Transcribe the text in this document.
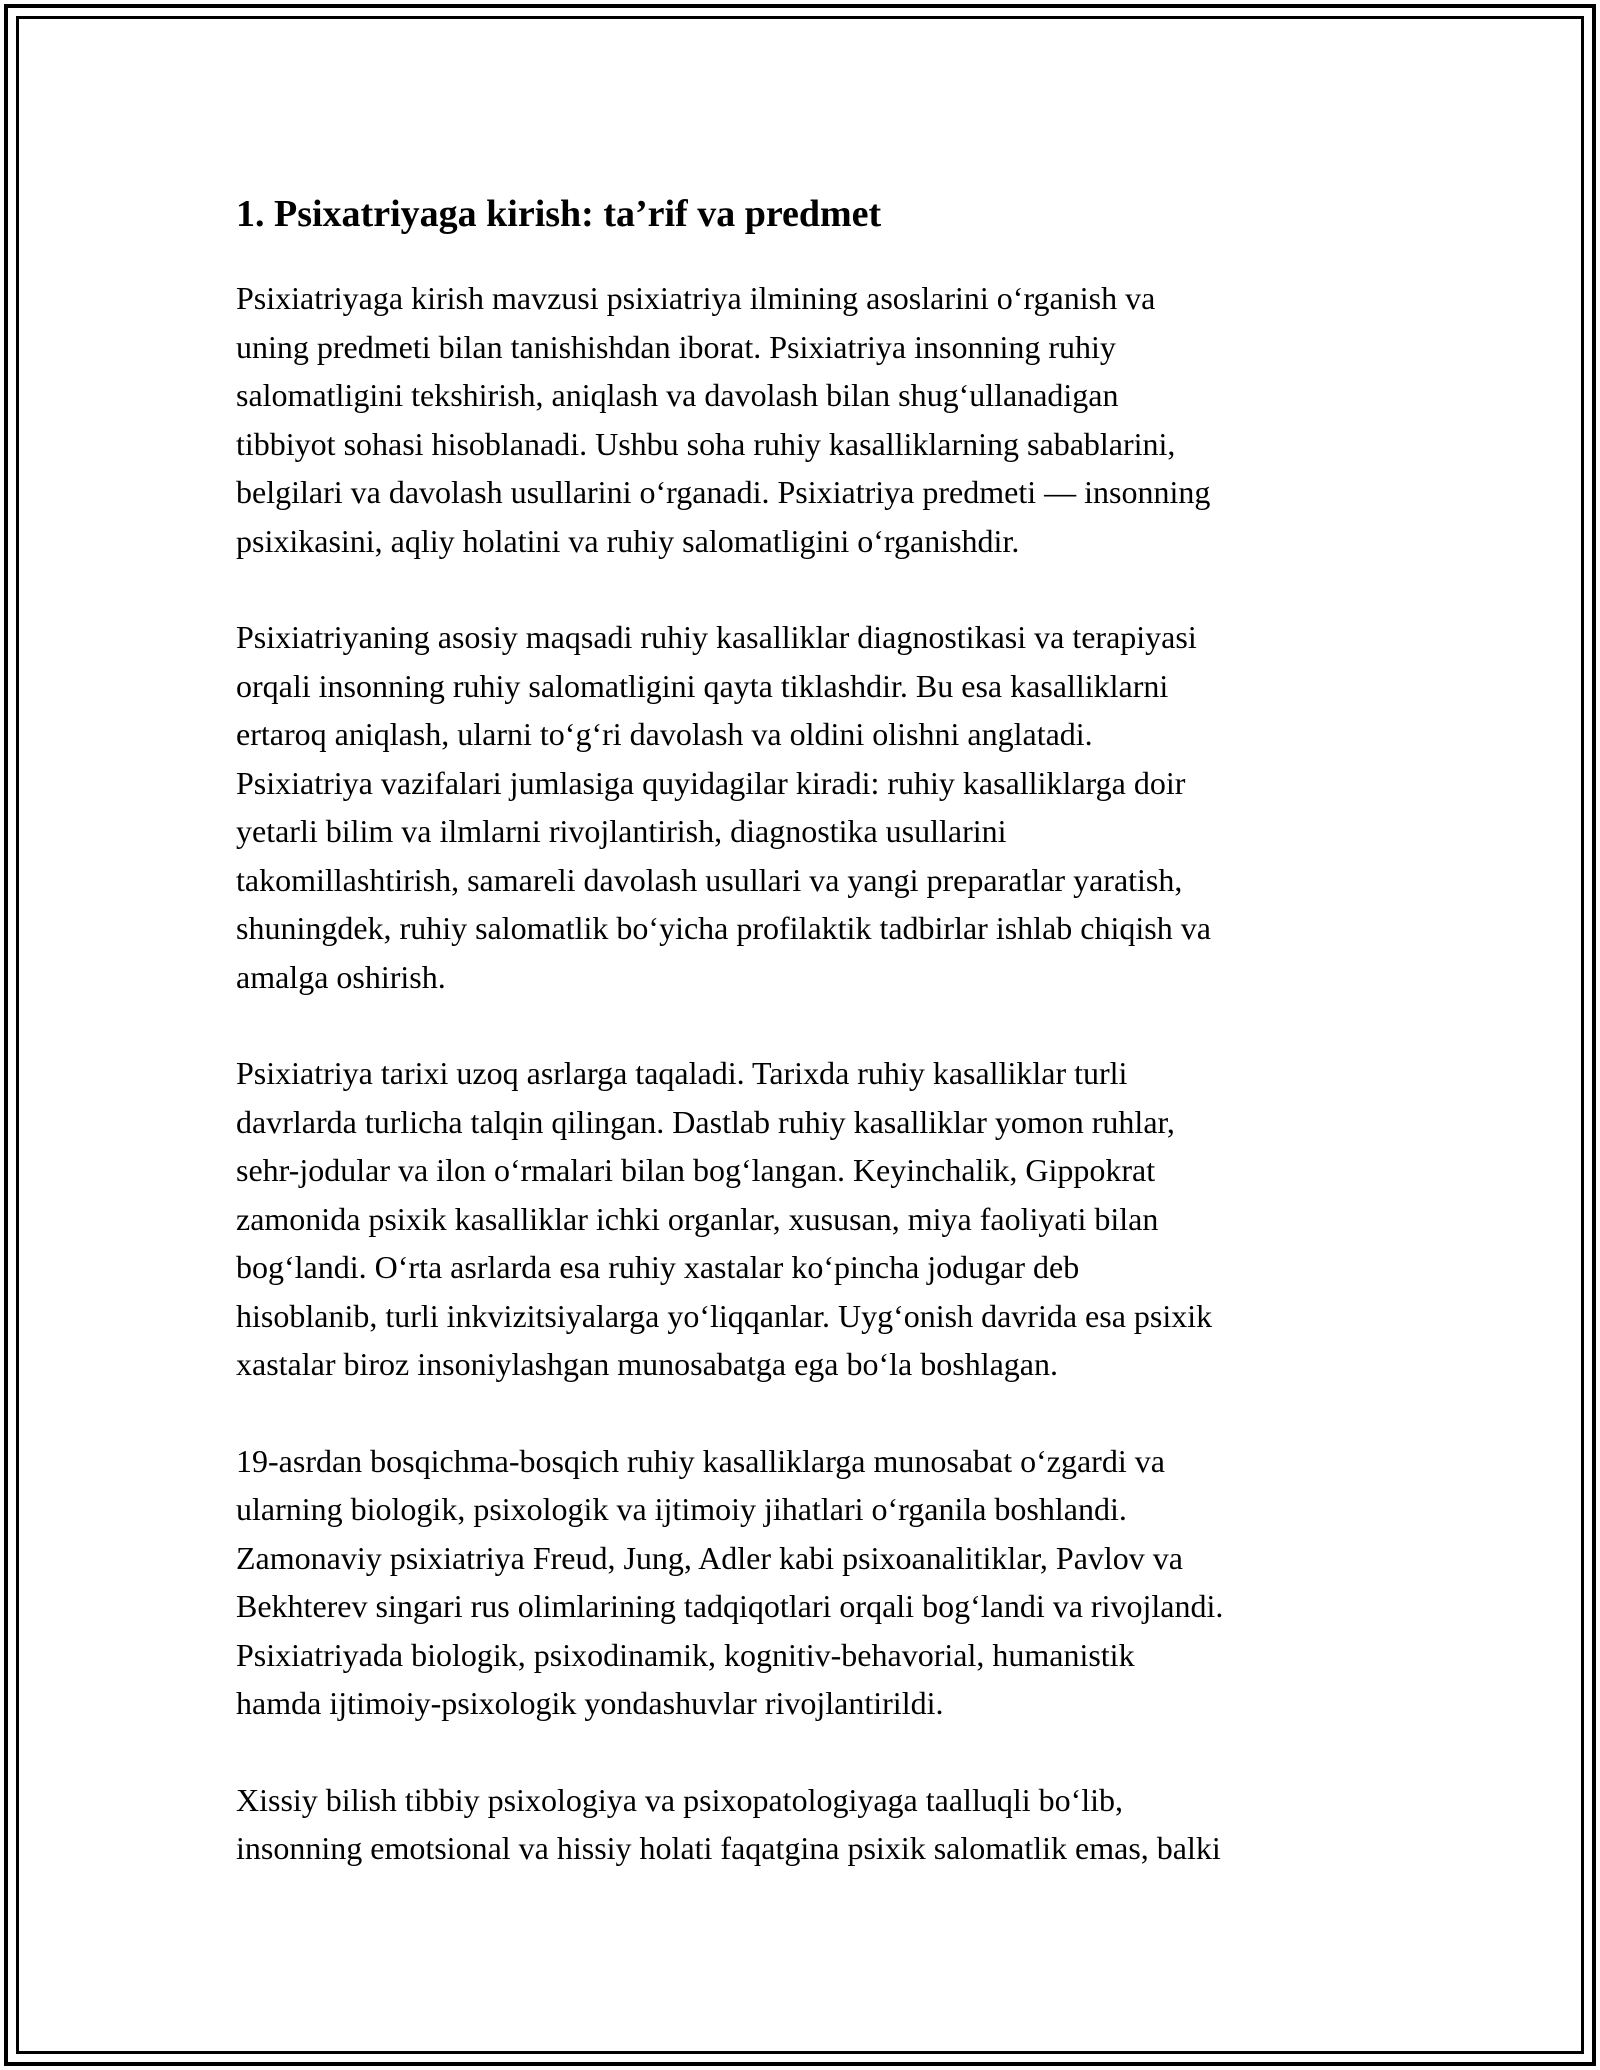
1. Psixatriyaga kirish: ta’rif va predmet
Psixiatriyaga kirish mavzusi psixiatriya ilmining asoslarini o‘rganish va
uning predmeti bilan tanishishdan iborat. Psixiatriya insonning ruhiy
salomatligini tekshirish, aniqlash va davolash bilan shug‘ullanadigan
tibbiyot sohasi hisoblanadi. Ushbu soha ruhiy kasalliklarning sabablarini,
belgilari va davolash usullarini o‘rganadi. Psixiatriya predmeti — insonning
psixikasini, aqliy holatini va ruhiy salomatligini o‘rganishdir.
Psixiatriyaning asosiy maqsadi ruhiy kasalliklar diagnostikasi va terapiyasi
orqali insonning ruhiy salomatligini qayta tiklashdir. Bu esa kasalliklarni
ertaroq aniqlash, ularni to‘g‘ri davolash va oldini olishni anglatadi.
Psixiatriya vazifalari jumlasiga quyidagilar kiradi: ruhiy kasalliklarga doir
yetarli bilim va ilmlarni rivojlantirish, diagnostika usullarini
takomillashtirish, samareli davolash usullari va yangi preparatlar yaratish,
shuningdek, ruhiy salomatlik bo‘yicha profilaktik tadbirlar ishlab chiqish va
amalga oshirish.
Psixiatriya tarixi uzoq asrlarga taqaladi. Tarixda ruhiy kasalliklar turli
davrlarda turlicha talqin qilingan. Dastlab ruhiy kasalliklar yomon ruhlar,
sehr-jodular va ilon o‘rmalari bilan bog‘langan. Keyinchalik, Gippokrat
zamonida psixik kasalliklar ichki organlar, xususan, miya faoliyati bilan
bog‘landi. O‘rta asrlarda esa ruhiy xastalar ko‘pincha jodugar deb
hisoblanib, turli inkvizitsiyalarga yo‘liqqanlar. Uyg‘onish davrida esa psixik
xastalar biroz insoniylashgan munosabatga ega bo‘la boshlagan.
19-asrdan bosqichma-bosqich ruhiy kasalliklarga munosabat o‘zgardi va
ularning biologik, psixologik va ijtimoiy jihatlari o‘rganila boshlandi.
Zamonaviy psixiatriya Freud, Jung, Adler kabi psixoanalitiklar, Pavlov va
Bekhterev singari rus olimlarining tadqiqotlari orqali bog‘landi va rivojlandi.
Psixiatriyada biologik, psixodinamik, kognitiv-behavorial, humanistik
hamda ijtimoiy-psixologik yondashuvlar rivojlantirildi.
Xissiy bilish tibbiy psixologiya va psixopatologiyaga taalluqli bo‘lib,
insonning emotsional va hissiy holati faqatgina psixik salomatlik emas, balki
